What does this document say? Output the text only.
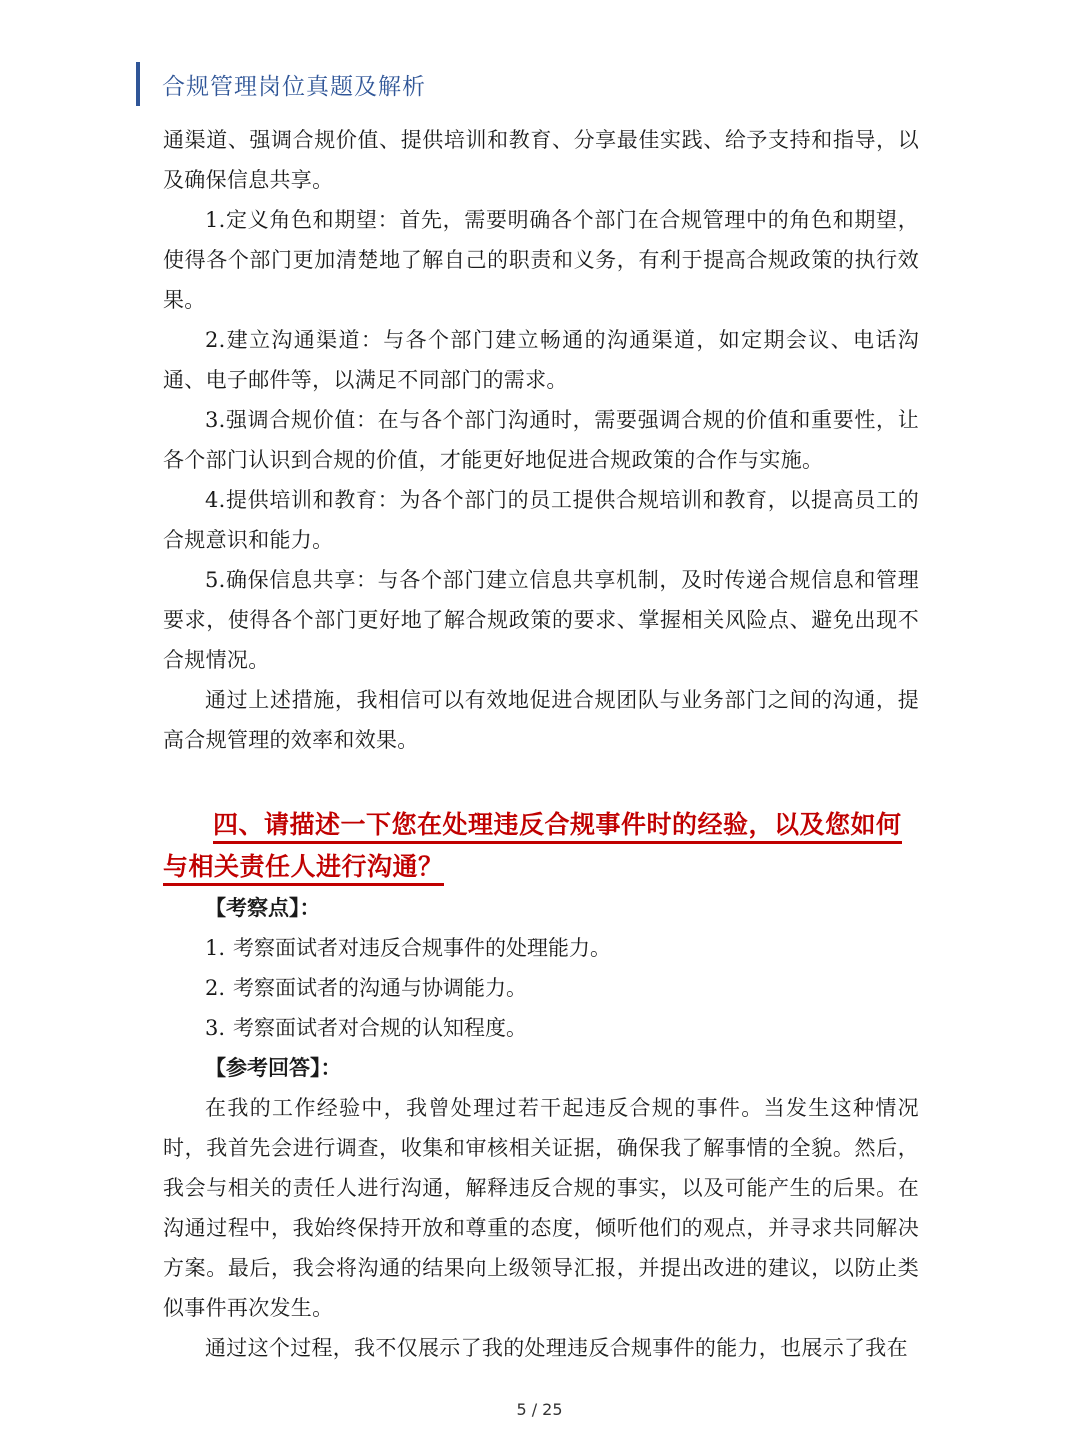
合规管理岗位真题及解析

通渠道、强调合规价值、提供培训和教育、分享最佳实践、给予支持和指导，以及确保信息共享。

1.定义角色和期望：首先，需要明确各个部门在合规管理中的角色和期望，使得各个部门更加清楚地了解自己的职责和义务，有利于提高合规政策的执行效果。

2.建立沟通渠道：与各个部门建立畅通的沟通渠道，如定期会议、电话沟通、电子邮件等，以满足不同部门的需求。

3.强调合规价值：在与各个部门沟通时，需要强调合规的价值和重要性，让各个部门认识到合规的价值，才能更好地促进合规政策的合作与实施。

4.提供培训和教育：为各个部门的员工提供合规培训和教育，以提高员工的合规意识和能力。

5.确保信息共享：与各个部门建立信息共享机制，及时传递合规信息和管理要求，使得各个部门更好地了解合规政策的要求、掌握相关风险点、避免出现不合规情况。

通过上述措施，我相信可以有效地促进合规团队与业务部门之间的沟通，提高合规管理的效率和效果。

四、请描述一下您在处理违反合规事件时的经验，以及您如何与相关责任人进行沟通？

【考察点】：

1. 考察面试者对违反合规事件的处理能力。

2. 考察面试者的沟通与协调能力。

3. 考察面试者对合规的认知程度。

【参考回答】：

在我的工作经验中，我曾处理过若干起违反合规的事件。当发生这种情况时，我首先会进行调查，收集和审核相关证据，确保我了解事情的全貌。然后，我会与相关的责任人进行沟通，解释违反合规的事实，以及可能产生的后果。在沟通过程中，我始终保持开放和尊重的态度，倾听他们的观点，并寻求共同解决方案。最后，我会将沟通的结果向上级领导汇报，并提出改进的建议，以防止类似事件再次发生。

通过这个过程，我不仅展示了我的处理违反合规事件的能力，也展示了我在

5 / 25
